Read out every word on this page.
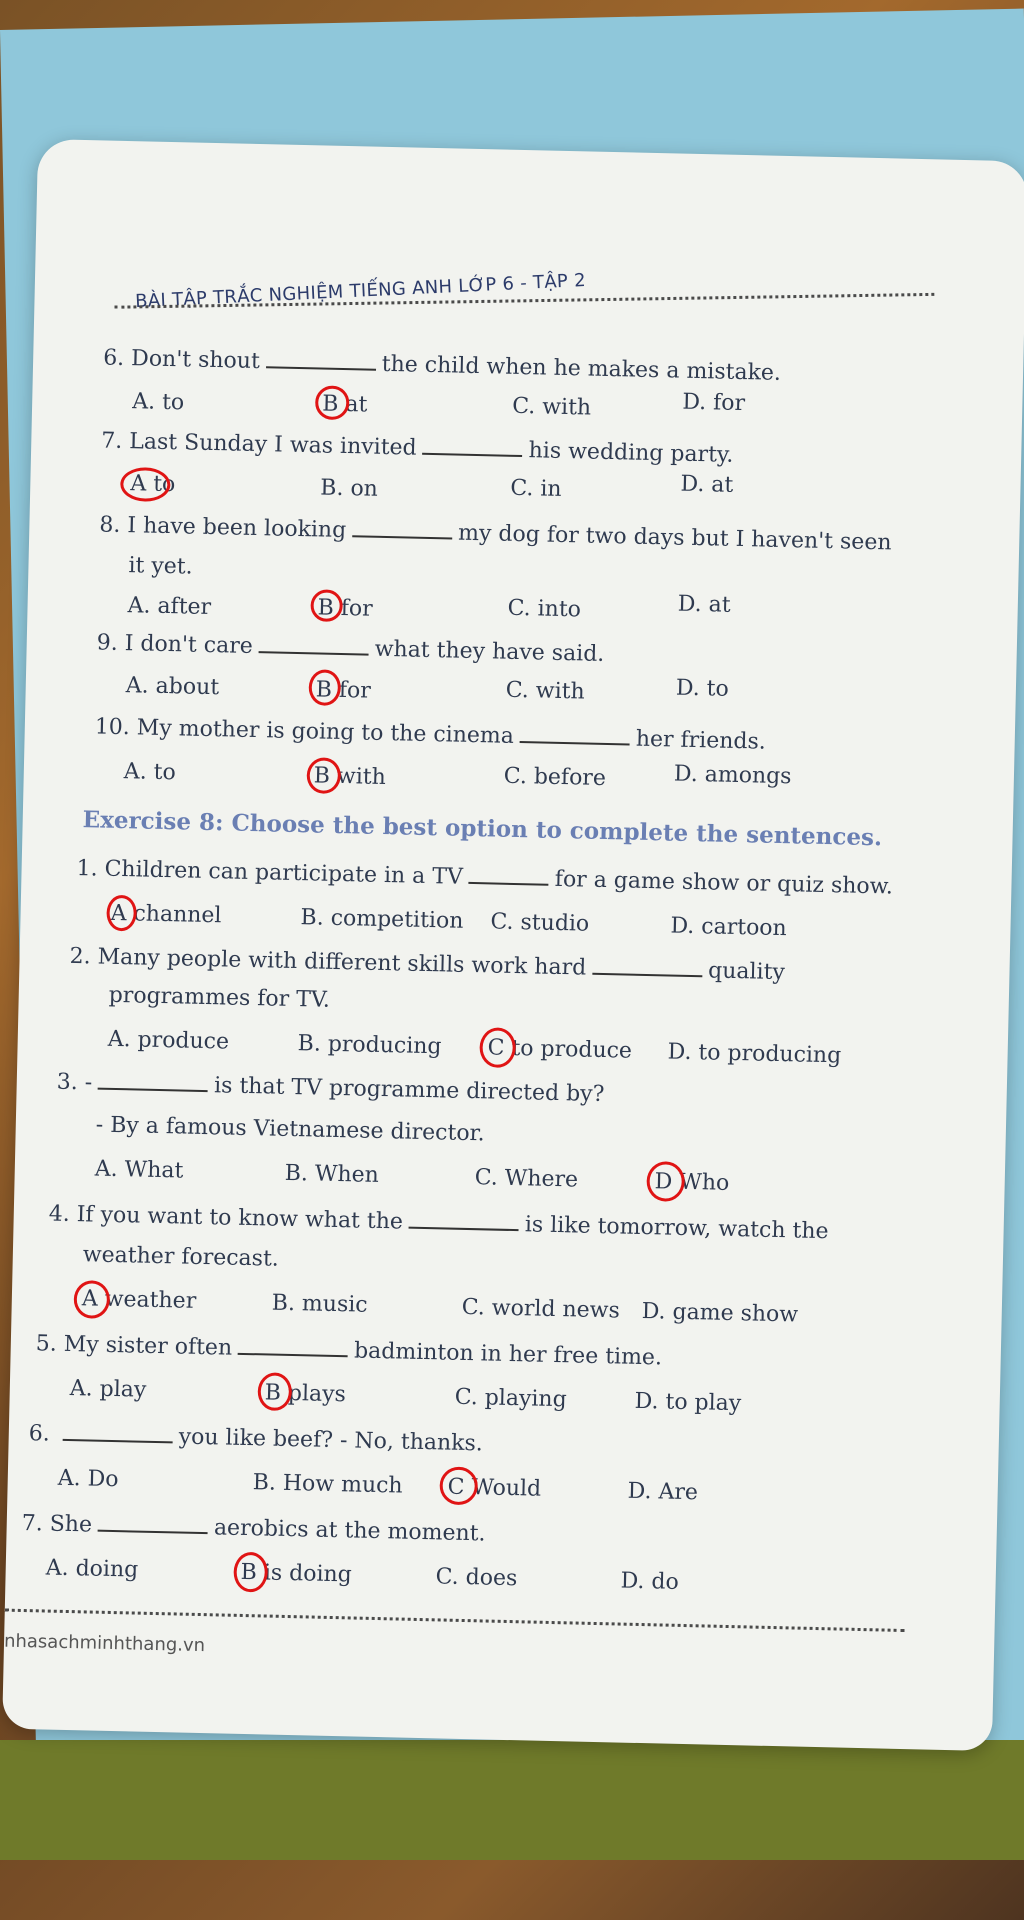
BÀI TẬP TRẮC NGHIỆM TIẾNG ANH LỚP 6 - TẬP 2
6. Don't shout	the child when he makes a mistake.
A. to	B at	C. with	D. for
7. Last Sunday I was invited	his wedding party.
A to	B. on	C. in	D. at
8. I have been looking	my dog for two days but I haven't seen
it yet.
A. after	B for	C. into	D. at
9. I don't care	what they have said.
A. about	B for	C. with	D. to
10. My mother is going to the cinema	her friends.
A. to	B with	C. before	D. amongs
Exercise 8: Choose the best option to complete the sentences.
1. Children can participate in a TV	for a game show or quiz show.
A channel	B. competition C. studio	D. cartoon
2. Many people with different skills work hard	quality
programmes for TV.
A. produce	B. producing C to produce D. to producing
3. -	is that TV programme directed by?
- By a famous Vietnamese director.
A. What	B. When	C. Where	D Who
4. If you want to know what the	is like tomorrow, watch the
weather forecast.
A weather	B. music	C. world news D. game show
5. My sister often	badminton in her free time.
A. play	B plays	C. playing	D. to play
6.	you like beef? - No, thanks.
A. Do	B. How much C Would	D. Are
7. She	aerobics at the moment.
A. doing	B is doing	C. does	D. do
nhasachminhthang.vn
